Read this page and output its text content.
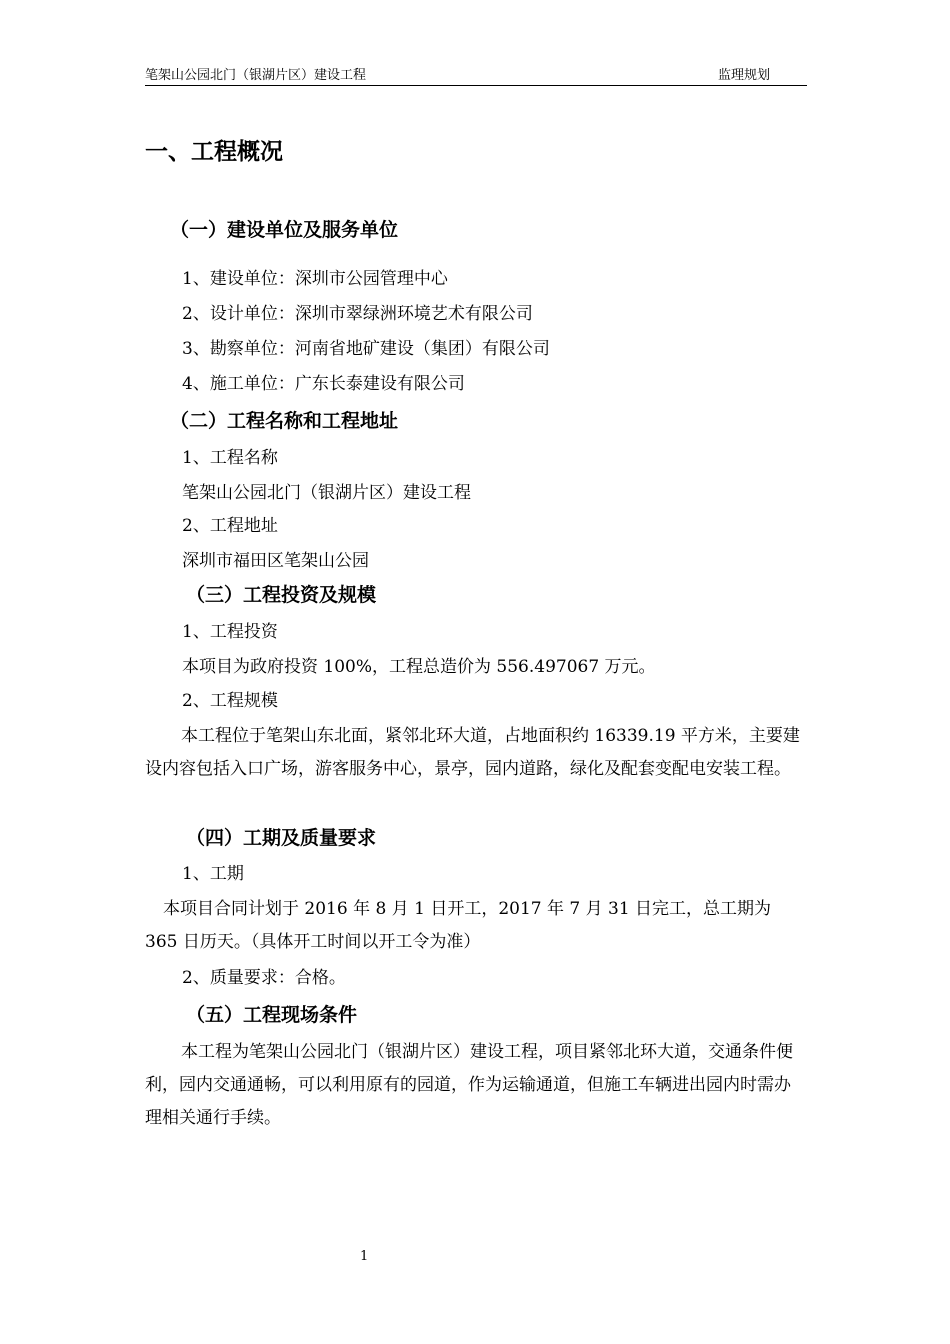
笔架山公园北门（银湖片区）建设工程	监理规划
一、工程概况
（一）建设单位及服务单位
1、建设单位：深圳市公园管理中心
2、设计单位：深圳市翠绿洲环境艺术有限公司
3、勘察单位：河南省地矿建设（集团）有限公司
4、施工单位：广东长泰建设有限公司
（二）工程名称和工程地址
1、工程名称
笔架山公园北门（银湖片区）建设工程
2、工程地址
深圳市福田区笔架山公园
（三）工程投资及规模
1、工程投资
本项目为政府投资 100%，工程总造价为 556.497067 万元。
2、工程规模
本工程位于笔架山东北面，紧邻北环大道，占地面积约 16339.19 平方米，主要建设内容包括入口广场，游客服务中心，景亭，园内道路，绿化及配套变配电安装工程。
（四）工期及质量要求
1、工期
本项目合同计划于 2016 年 8 月 1 日开工，2017 年 7 月 31 日完工，总工期为 365 日历天。（具体开工时间以开工令为准）
2、质量要求：合格。
（五）工程现场条件
本工程为笔架山公园北门（银湖片区）建设工程，项目紧邻北环大道，交通条件便利，园内交通通畅，可以利用原有的园道，作为运输通道，但施工车辆进出园内时需办理相关通行手续。
1
